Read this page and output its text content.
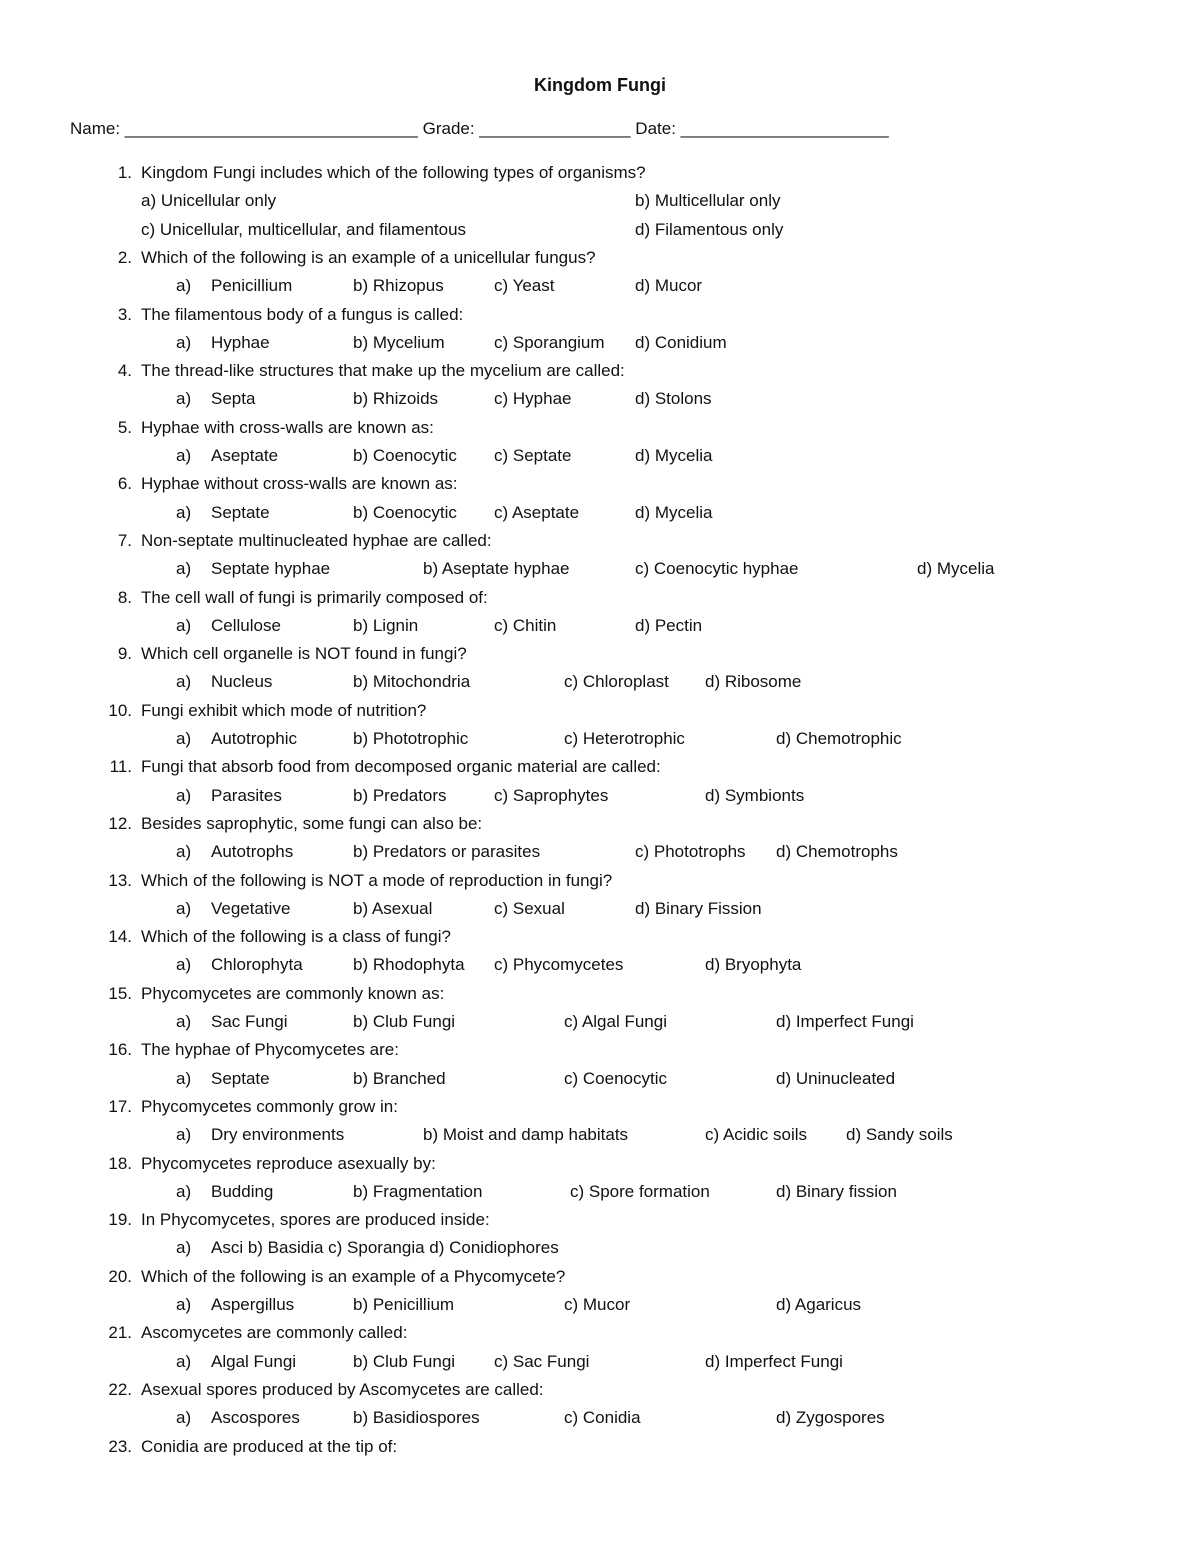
Kingdom Fungi
Name: _______________________________ Grade: ________________ Date: ______________________
1. Kingdom Fungi includes which of the following types of organisms?
a) Unicellular only	b) Multicellular only
c) Unicellular, multicellular, and filamentous	d) Filamentous only
2. Which of the following is an example of a unicellular fungus?
a) Penicillium	b) Rhizopus	c) Yeast	d) Mucor
3. The filamentous body of a fungus is called:
a) Hyphae	b) Mycelium	c) Sporangium d) Conidium
4. The thread-like structures that make up the mycelium are called:
a) Septa	b) Rhizoids	c) Hyphae	d) Stolons
5. Hyphae with cross-walls are known as:
a) Aseptate	b) Coenocytic c) Septate	d) Mycelia
6. Hyphae without cross-walls are known as:
a) Septate	b) Coenocytic c) Aseptate	d) Mycelia
7. Non-septate multinucleated hyphae are called:
a) Septate hyphae	b) Aseptate hyphae	c) Coenocytic hyphae	d) Mycelia
8. The cell wall of fungi is primarily composed of:
a) Cellulose	b) Lignin	c) Chitin	d) Pectin
9. Which cell organelle is NOT found in fungi?
a) Nucleus	b) Mitochondria	c) Chloroplast d) Ribosome
10. Fungi exhibit which mode of nutrition?
a) Autotrophic	b) Phototrophic	c) Heterotrophic	d) Chemotrophic
11. Fungi that absorb food from decomposed organic material are called:
a) Parasites	b) Predators	c) Saprophytes	d) Symbionts
12. Besides saprophytic, some fungi can also be:
a) Autotrophs	b) Predators or parasites	c) Phototrophs d) Chemotrophs
13. Which of the following is NOT a mode of reproduction in fungi?
a) Vegetative	b) Asexual	c) Sexual	d) Binary Fission
14. Which of the following is a class of fungi?
a) Chlorophyta	b) Rhodophyta c) Phycomycetes	d) Bryophyta
15. Phycomycetes are commonly known as:
a) Sac Fungi	b) Club Fungi	c) Algal Fungi	d) Imperfect Fungi
16. The hyphae of Phycomycetes are:
a) Septate	b) Branched	c) Coenocytic	d) Uninucleated
17. Phycomycetes commonly grow in:
a) Dry environments	b) Moist and damp habitats	c) Acidic soils d) Sandy soils
18. Phycomycetes reproduce asexually by:
a) Budding	b) Fragmentation	c) Spore formation	d) Binary fission
19. In Phycomycetes, spores are produced inside:
a) Asci b) Basidia c) Sporangia d) Conidiophores
20. Which of the following is an example of a Phycomycete?
a) Aspergillus	b) Penicillium	c) Mucor	d) Agaricus
21. Ascomycetes are commonly called:
a) Algal Fungi	b) Club Fungi c) Sac Fungi	d) Imperfect Fungi
22. Asexual spores produced by Ascomycetes are called:
a) Ascospores	b) Basidiospores	c) Conidia	d) Zygospores
23. Conidia are produced at the tip of:
